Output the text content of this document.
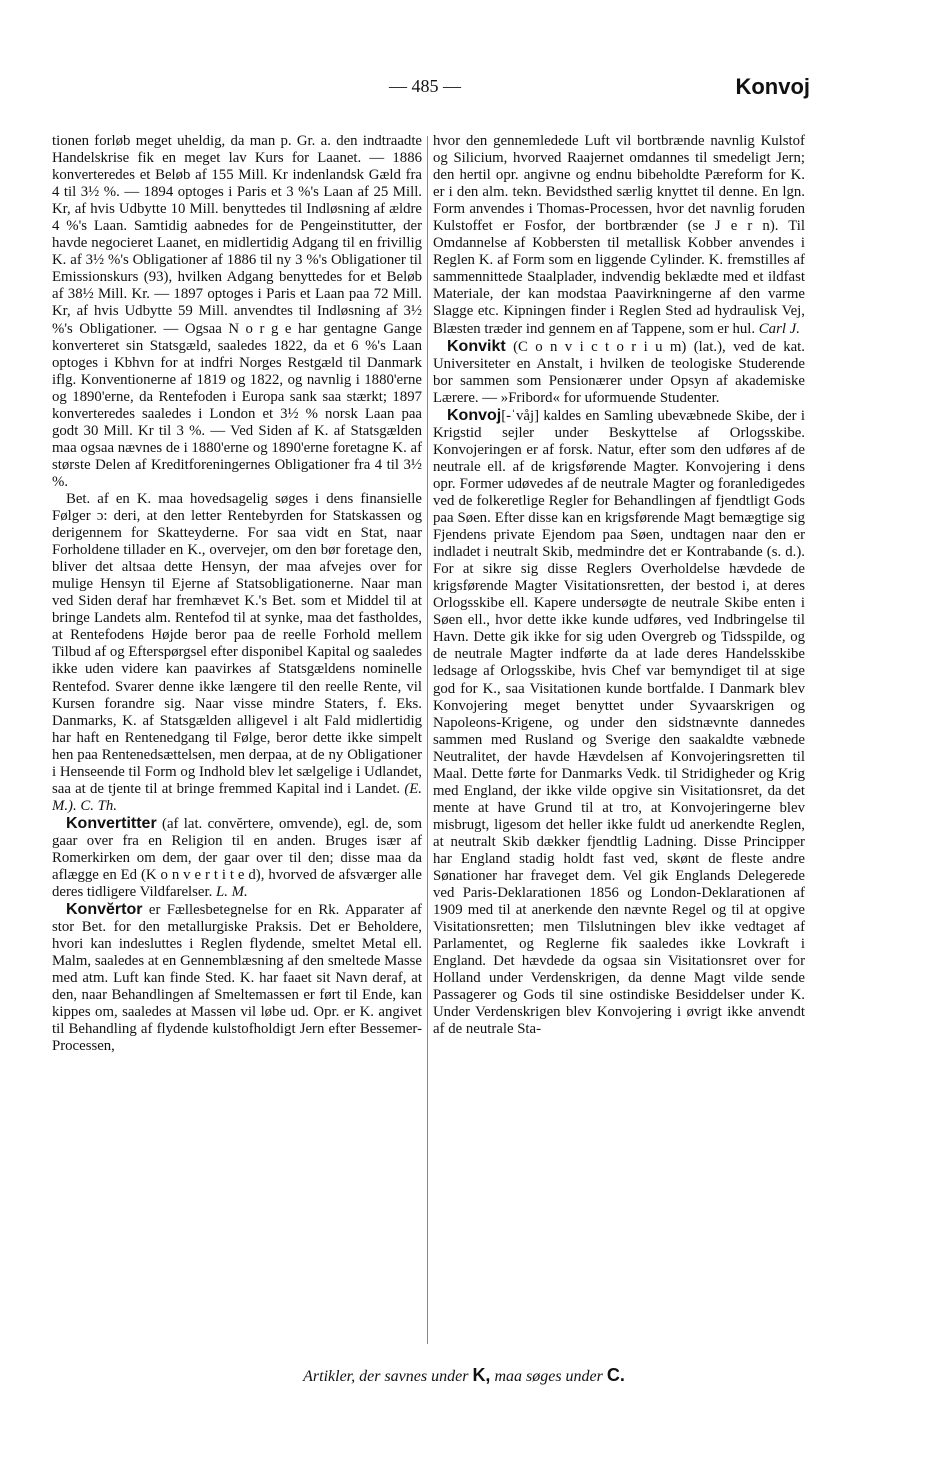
— 485 —	Konvoj

tionen forløb meget uheldig, da man p. Gr. a. den indtraadte Handelskrise fik en meget lav Kurs for Laanet. — 1886 konverteredes et Beløb af 155 Mill. Kr indenlandsk Gæld fra 4 til 3½ %. — 1894 optoges i Paris et 3 %'s Laan af 25 Mill. Kr, af hvis Udbytte 10 Mill. benyttedes til Indløsning af ældre 4 %'s Laan. Samtidig aabnedes for de Pengeinstitutter, der havde negocieret Laanet, en midlertidig Adgang til en frivillig K. af 3½ %'s Obligationer af 1886 til ny 3 %'s Obligationer til Emissionskurs (93), hvilken Adgang benyttedes for et Beløb af 38½ Mill. Kr. — 1897 optoges i Paris et Laan paa 72 Mill. Kr, af hvis Udbytte 59 Mill. anvendtes til Indløsning af 3½ %'s Obligationer. — Ogsaa N o r g e har gentagne Gange konverteret sin Statsgæld, saaledes 1822, da et 6 %'s Laan optoges i Kbhvn for at indfri Norges Restgæld til Danmark iflg. Konventionerne af 1819 og 1822, og navnlig i 1880'erne og 1890'erne, da Rentefoden i Europa sank saa stærkt; 1897 konverteredes saaledes i London et 3½ % norsk Laan paa godt 30 Mill. Kr til 3 %. — Ved Siden af K. af Statsgælden maa ogsaa nævnes de i 1880'erne og 1890'erne foretagne K. af største Delen af Kreditforeningernes Obligationer fra 4 til 3½ %.

Bet. af en K. maa hovedsagelig søges i dens finansielle Følger ɔ: deri, at den letter Rentebyrden for Statskassen og derigennem for Skatteyderne. For saa vidt en Stat, naar Forholdene tillader en K., overvejer, om den bør foretage den, bliver det altsaa dette Hensyn, der maa afvejes over for mulige Hensyn til Ejerne af Statsobligationerne. Naar man ved Siden deraf har fremhævet K.'s Bet. som et Middel til at bringe Landets alm. Rentefod til at synke, maa det fastholdes, at Rentefodens Højde beror paa de reelle Forhold mellem Tilbud af og Efterspørgsel efter disponibel Kapital og saaledes ikke uden videre kan paavirkes af Statsgældens nominelle Rentefod. Svarer denne ikke længere til den reelle Rente, vil Kursen forandre sig. Naar visse mindre Staters, f. Eks. Danmarks, K. af Statsgælden alligevel i alt Fald midlertidig har haft en Rentenedgang til Følge, beror dette ikke simpelt hen paa Rentenedsættelsen, men derpaa, at de ny Obligationer i Henseende til Form og Indhold blev let sælgelige i Udlandet, saa at de tjente til at bringe fremmed Kapital ind i Landet. (E. M.). C. Th.

Konvertitter (af lat. convĕrtere, omvende), egl. de, som gaar over fra en Religion til en anden. Bruges især af Romerkirken om dem, der gaar over til den; disse maa da aflægge en Ed (K o n v e r t i t e d), hvorved de afsværger alle deres tidligere Vildfarelser. L. M.

Konvĕrtor er Fællesbetegnelse for en Rk. Apparater af stor Bet. for den metallurgiske Praksis. Det er Beholdere, hvori kan indesluttes i Reglen flydende, smeltet Metal ell. Malm, saaledes at en Gennemblæsning af den smeltede Masse med atm. Luft kan finde Sted. K. har faaet sit Navn deraf, at den, naar Behandlingen af Smeltemassen er ført til Ende, kan kippes om, saaledes at Massen vil løbe ud. Opr. er K. angivet til Behandling af flydende kulstofholdigt Jern efter Bessemer-Processen,

hvor den gennemledede Luft vil bortbrænde navnlig Kulstof og Silicium, hvorved Raajernet omdannes til smedeligt Jern; den hertil opr. angivne og endnu bibeholdte Pæreform for K. er i den alm. tekn. Bevidsthed særlig knyttet til denne. En lgn. Form anvendes i Thomas-Processen, hvor det navnlig foruden Kulstoffet er Fosfor, der bortbrænder (se J e r n). Til Omdannelse af Kobbersten til metallisk Kobber anvendes i Reglen K. af Form som en liggende Cylinder. K. fremstilles af sammennittede Staalplader, indvendig beklædte med et ildfast Materiale, der kan modstaa Paavirkningerne af den varme Slagge etc. Kipningen finder i Reglen Sted ad hydraulisk Vej, Blæsten træder ind gennem en af Tappene, som er hul. Carl J.

Konvikt (C o n v i c t o r i u m) (lat.), ved de kat. Universiteter en Anstalt, i hvilken de teologiske Studerende bor sammen som Pensionærer under Opsyn af akademiske Lærere. — »Fribord« for uformuende Studenter.

Konvoj[-ˈvåj] kaldes en Samling ubevæbnede Skibe, der i Krigstid sejler under Beskyttelse af Orlogsskibe. Konvojeringen er af forsk. Natur, efter som den udføres af de neutrale ell. af de krigsførende Magter. Konvojering i dens opr. Former udøvedes af de neutrale Magter og foranledigedes ved de folkeretlige Regler for Behandlingen af fjendtligt Gods paa Søen. Efter disse kan en krigsførende Magt bemægtige sig Fjendens private Ejendom paa Søen, undtagen naar den er indladet i neutralt Skib, medmindre det er Kontrabande (s. d.). For at sikre sig disse Reglers Overholdelse hævdede de krigsførende Magter Visitationsretten, der bestod i, at deres Orlogsskibe ell. Kapere undersøgte de neutrale Skibe enten i Søen ell., hvor dette ikke kunde udføres, ved Indbringelse til Havn. Dette gik ikke for sig uden Overgreb og Tidsspilde, og de neutrale Magter indførte da at lade deres Handelsskibe ledsage af Orlogsskibe, hvis Chef var bemyndiget til at sige god for K., saa Visitationen kunde bortfalde. I Danmark blev Konvojering meget benyttet under Syvaarskrigen og Napoleons-Krigene, og under den sidstnævnte dannedes sammen med Rusland og Sverige den saakaldte væbnede Neutralitet, der havde Hævdelsen af Konvojeringsretten til Maal. Dette førte for Danmarks Vedk. til Stridigheder og Krig med England, der ikke vilde opgive sin Visitationsret, da det mente at have Grund til at tro, at Konvojeringerne blev misbrugt, ligesom det heller ikke fuldt ud anerkendte Reglen, at neutralt Skib dækker fjendtlig Ladning. Disse Principper har England stadig holdt fast ved, skønt de fleste andre Sønationer har fraveget dem. Vel gik Englands Delegerede ved Paris-Deklarationen 1856 og London-Deklarationen af 1909 med til at anerkende den nævnte Regel og til at opgive Visitationsretten; men Tilslutningen blev ikke vedtaget af Parlamentet, og Reglerne fik saaledes ikke Lovkraft i England. Det hævdede da ogsaa sin Visitationsret over for Holland under Verdenskrigen, da denne Magt vilde sende Passagerer og Gods til sine ostindiske Besiddelser under K. Under Verdenskrigen blev Konvojering i øvrigt ikke anvendt af de neutrale Sta-

Artikler, der savnes under K, maa søges under C.
